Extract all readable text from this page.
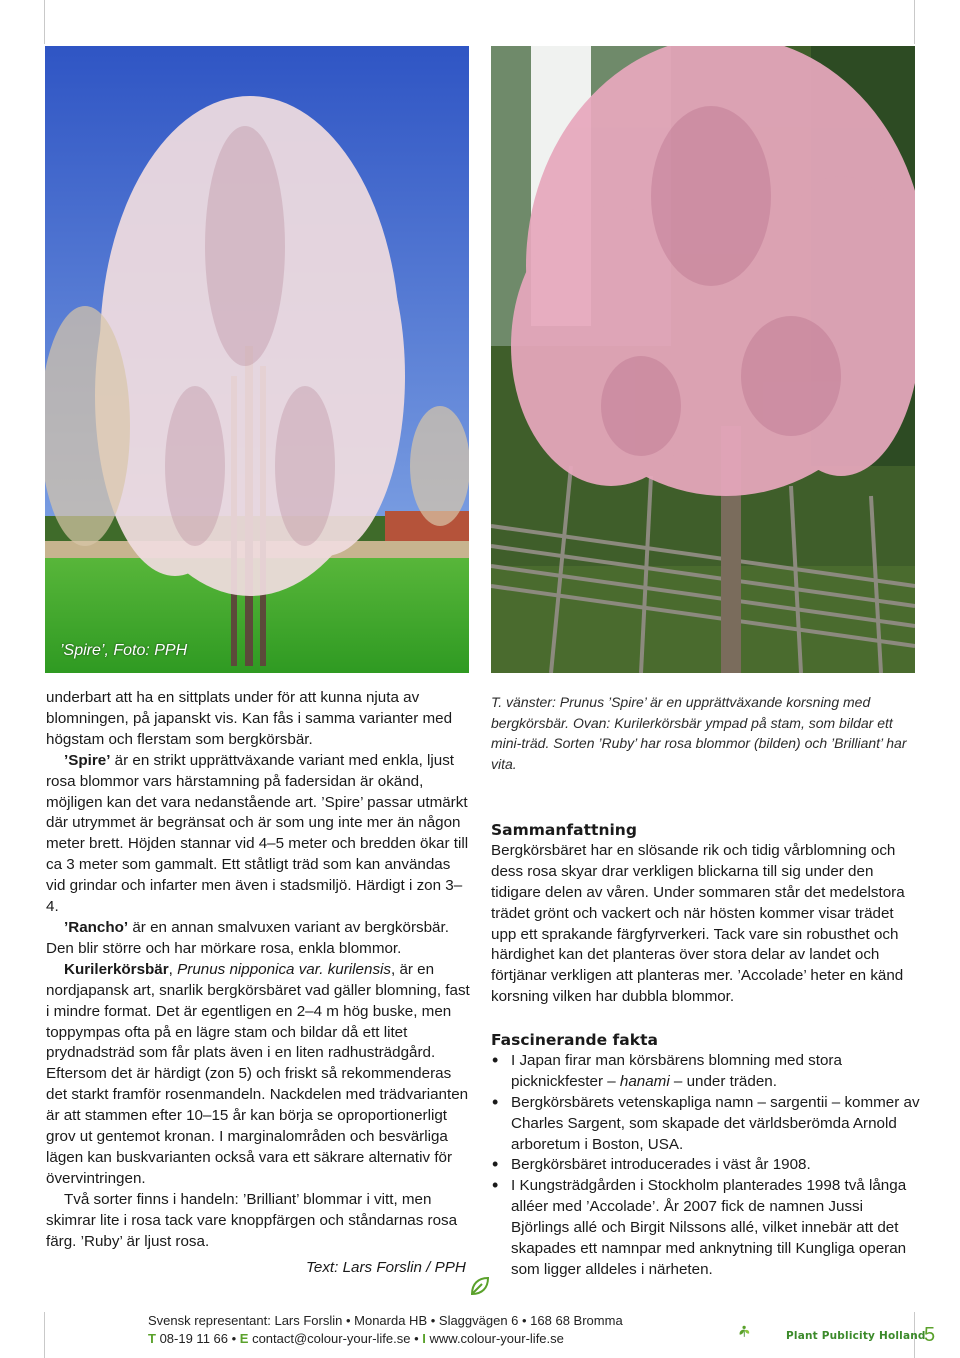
’Spire’, Foto: PPH

underbart att ha en sittplats under för att kunna njuta av blomningen, på japanskt vis. Kan fås i samma varianter med högstam och flerstam som bergkörsbär.

’Spire’ är en strikt upprättväxande variant med enkla, ljust rosa blommor vars härstamning på fadersidan är okänd, möjligen kan det vara nedanstående art. ’Spire’ passar utmärkt där utrymmet är begränsat och är som ung inte mer än någon meter brett. Höjden stannar vid 4–5 meter och bredden ökar till ca 3 meter som gammalt. Ett ståtligt träd som kan användas vid grindar och infarter men även i stadsmiljö. Härdigt i zon 3–4.

’Rancho’ är en annan smalvuxen variant av bergkörsbär. Den blir större och har mörkare rosa, enkla blommor.

Kurilerkörsbär, Prunus nipponica var. kurilensis, är en nordjapansk art, snarlik bergkörsbäret vad gäller blomning, fast i mindre format. Det är egentligen en 2–4 m hög buske, men toppympas ofta på en lägre stam och bildar då ett litet prydnadsträd som får plats även i en liten radhusträdgård. Eftersom det är härdigt (zon 5) och friskt så rekommenderas det starkt framför rosenmandeln. Nackdelen med trädvarianten är att stammen efter 10–15 år kan börja se oproportionerligt grov ut gentemot kronan. I marginalområden och besvärliga lägen kan buskvarianten också vara ett säkrare alternativ för övervintringen.

Två sorter finns i handeln: ’Brilliant’ blommar i vitt, men skimrar lite i rosa tack vare knoppfärgen och ståndarnas rosa färg. ’Ruby’ är ljust rosa.

Text: Lars Forslin / PPH
T. vänster: Prunus ’Spire’ är en upprättväxande korsning med bergkörsbär. Ovan: Kurilerkörsbär ympad på stam, som bildar ett mini-träd. Sorten ’Ruby’ har rosa blommor (bilden) och ’Brilliant’ har vita.
Sammanfattning

Bergkörsbäret har en slösande rik och tidig vårblomning och dess rosa skyar drar verkligen blickarna till sig under den tidigare delen av våren. Under sommaren står det medelstora trädet grönt och vackert och när hösten kommer visar trädet upp ett sprakande färgfyrverkeri. Tack vare sin robusthet och härdighet kan det planteras över stora delar av landet och förtjänar verkligen att planteras mer. ’Accolade’ heter en känd korsning vilken har dubbla blommor.

Fascinerande fakta

• I Japan firar man körsbärens blomning med stora picknickfester – hanami – under träden.

• Bergkörsbärets vetenskapliga namn – sargentii – kommer av Charles Sargent, som skapade det världsberömda Arnold arboretum i Boston, USA.

• Bergkörsbäret introducerades i väst år 1908.

• I Kungsträdgården i Stockholm planterades 1998 två långa alléer med ’Accolade’. År 2007 fick de namnen Jussi Björlings allé och Birgit Nilssons allé, vilket innebär att det skapades ett namnpar med anknytning till Kungliga operan som ligger alldeles i närheten.

Svensk representant: Lars Forslin • Monarda HB • Slaggvägen 6 • 168 68 Bromma
T 08-19 11 66 • E contact@colour-your-life.se • I www.colour-your-life.se	Plant Publicity Holland
5
